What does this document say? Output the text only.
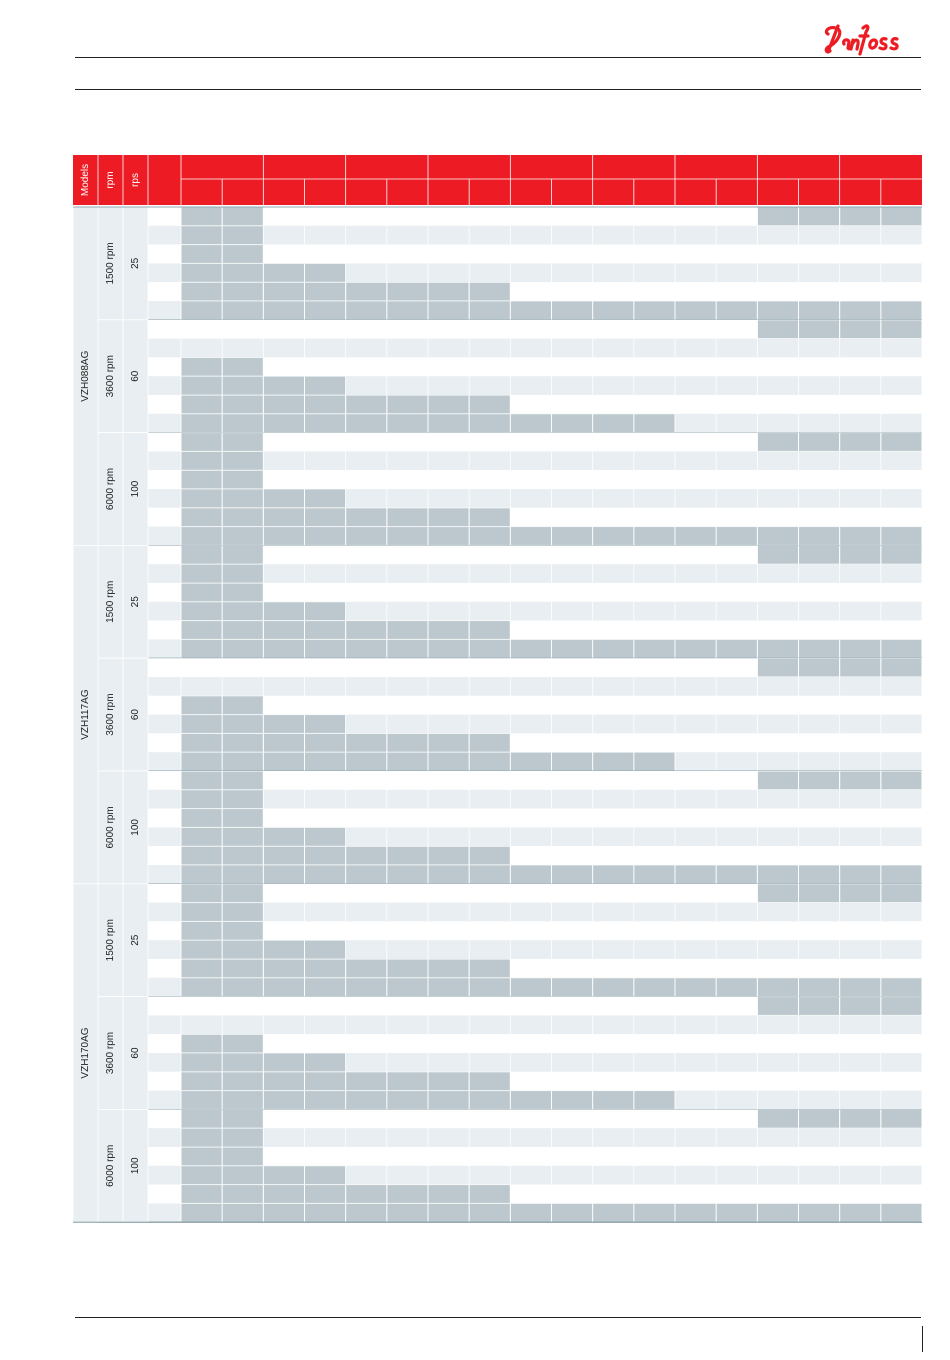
Danfoss
Models rpm rps
1500 rpm 25
3600 rpm 60
6000 rpm 100
VZH088AG
1500 rpm 25
3600 rpm 60
6000 rpm 100
VZH117AG
1500 rpm 25
3600 rpm 60
6000 rpm 100
VZH170AG
